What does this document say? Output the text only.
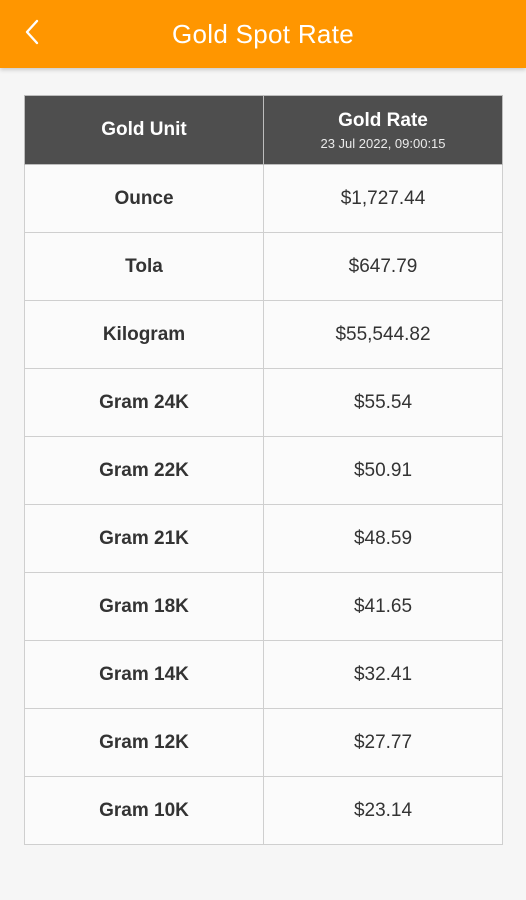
Gold Spot Rate
Gold Unit	Gold Rate
23 Jul 2022, 09:00:15

Ounce	$1,727.44
Tola	$647.79
Kilogram	$55,544.82
Gram 24K	$55.54
Gram 22K	$50.91
Gram 21K	$48.59
Gram 18K	$41.65
Gram 14K	$32.41
Gram 12K	$27.77
Gram 10K	$23.14
